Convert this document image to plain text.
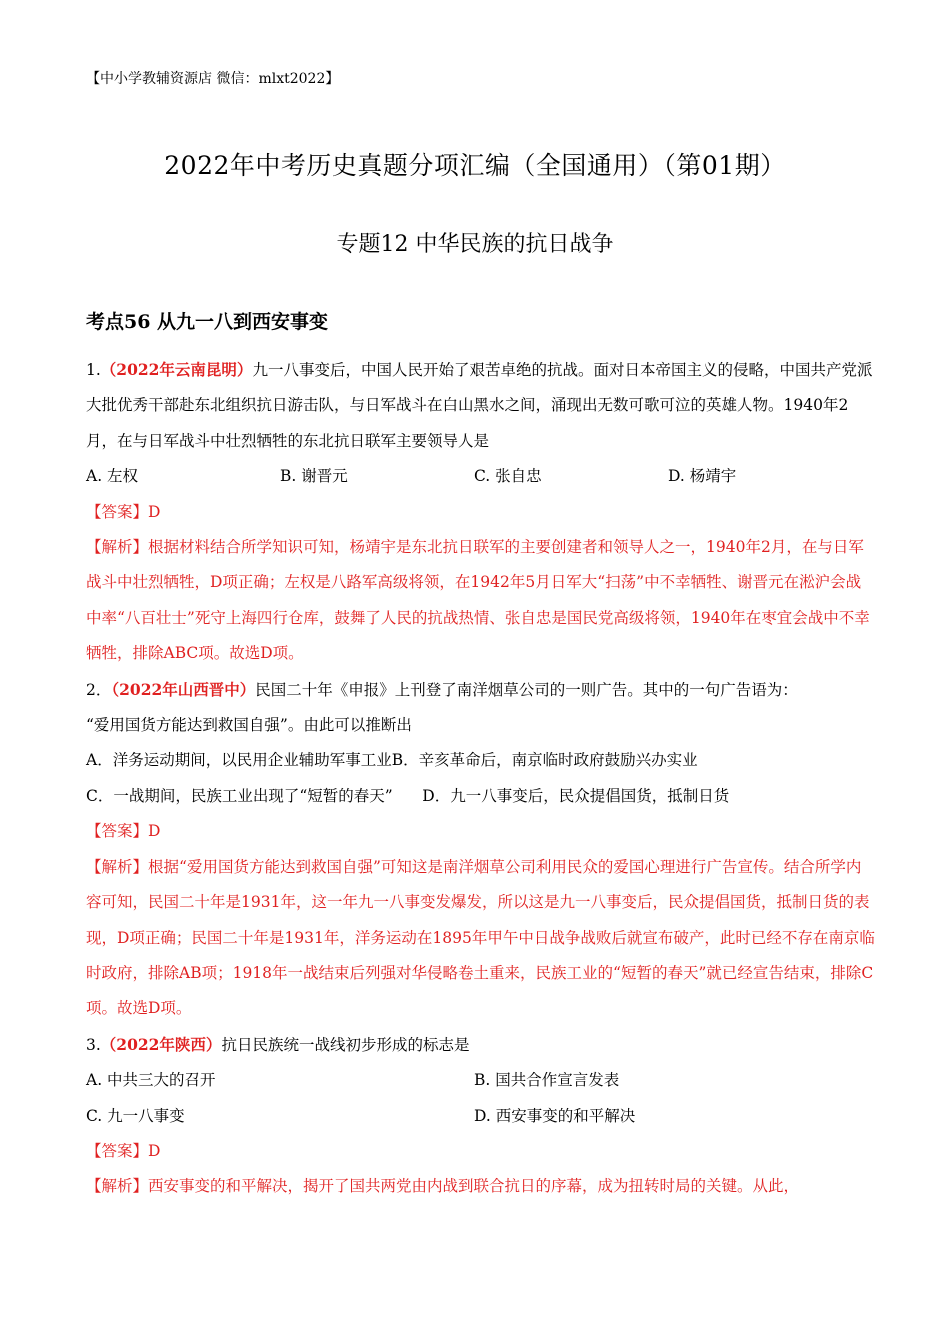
【中小学教辅资源店 微信：mlxt2022】
2022年中考历史真题分项汇编（全国通用）（第01期）
专题12 中华民族的抗日战争
考点56 从九一八到西安事变

1.（2022年云南昆明）九一八事变后，中国人民开始了艰苦卓绝的抗战。面对日本帝国主义的侵略，中国共产党派大批优秀干部赴东北组织抗日游击队，与日军战斗在白山黑水之间，涌现出无数可歌可泣的英雄人物。1940年2月，在与日军战斗中壮烈牺牲的东北抗日联军主要领导人是

A. 左权	B. 谢晋元	C. 张自忠	D. 杨靖宇

【答案】D

【解析】根据材料结合所学知识可知，杨靖宇是东北抗日联军的主要创建者和领导人之一，1940年2月，在与日军战斗中壮烈牺牲，D项正确；左权是八路军高级将领，在1942年5月日军大“扫荡”中不幸牺牲、谢晋元在淞沪会战中率“八百壮士”死守上海四行仓库，鼓舞了人民的抗战热情、张自忠是国民党高级将领，1940年在枣宜会战中不幸牺牲，排除ABC项。故选D项。

2．（2022年山西晋中）民国二十年《申报》上刊登了南洋烟草公司的一则广告。其中的一句广告语为：

“爱用国货方能达到救国自强”。由此可以推断出

A．洋务运动期间，以民用企业辅助军事工业B．辛亥革命后，南京临时政府鼓励兴办实业
C．一战期间，民族工业出现了“短暂的春天” D．九一八事变后，民众提倡国货，抵制日货

【答案】D

【解析】根据“爱用国货方能达到救国自强”可知这是南洋烟草公司利用民众的爱国心理进行广告宣传。结合所学内容可知，民国二十年是1931年，这一年九一八事变发爆发，所以这是九一八事变后，民众提倡国货，抵制日货的表现，D项正确；民国二十年是1931年，洋务运动在1895年甲午中日战争战败后就宣布破产，此时已经不存在南京临时政府，排除AB项；1918年一战结束后列强对华侵略卷土重来，民族工业的“短暂的春天”就已经宣告结束，排除C项。故选D项。

3.（2022年陕西）抗日民族统一战线初步形成的标志是

A. 中共三大的召开	B. 国共合作宣言发表
C. 九一八事变	D. 西安事变的和平解决

【答案】D

【解析】西安事变的和平解决，揭开了国共两党由内战到联合抗日的序幕，成为扭转时局的关键。从此，
